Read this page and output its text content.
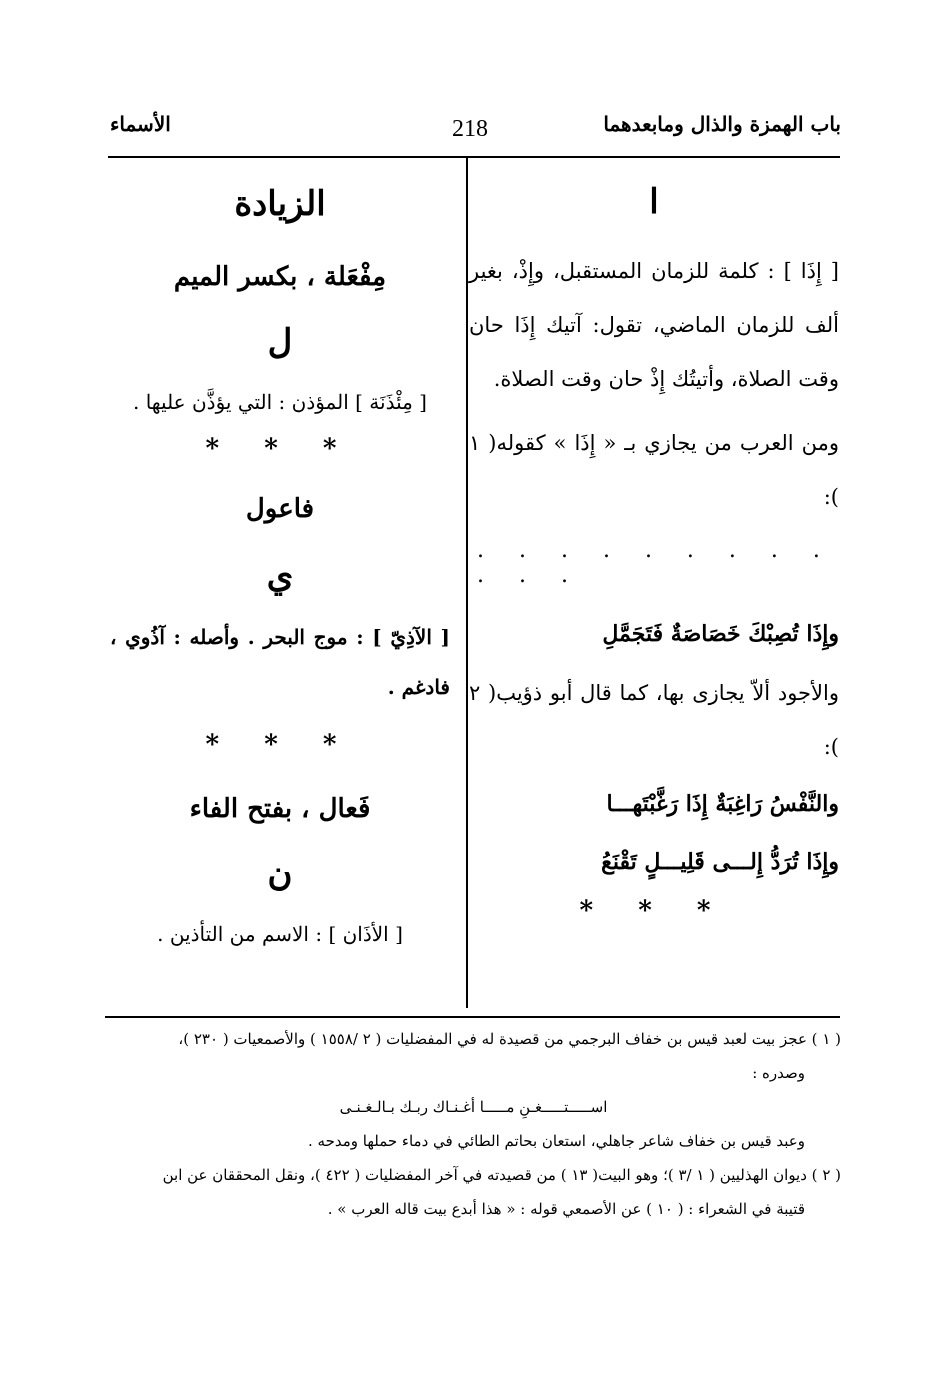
باب الهمزة والذال ومابعدهما
218
الأسماء
ا
[ إِذَا ] : كلمة للزمان المستقبل، وإِذْ، بغير ألف للزمان الماضي، تقول: آتيك إِذَا حان وقت الصلاة، وأتيتُك إِذْ حان وقت الصلاة.
ومن العرب من يجازي بـ « إِذَا » كقوله( ١ ):
. . . . . . . . . . . .
وإِذَا تُصِبْكَ خَصَاصَةٌ فَتَجَمَّلِ
والأجود ألاّ يجازى بها، كما قال أبو ذؤيب( ٢ ):
والنَّفْسُ رَاغِبَةٌ إِذَا رَغَّبْتَهـــا
وإِذَا تُرَدُّ إِلـــى قَلِيـــلٍ تَقْنَعُ
* * *
الزيادة
مِفْعَلة ، بكسر الميم
ل
[ مِئْذَنَة ] المؤذن : التي يؤذَّن عليها .
* * *
فاعول
ي
[ الآذِيّ ] : موج البحر . وأصله : آذُوي ، فادغم .
* * *
فَعال ، بفتح الفاء
ن
[ الأذَان ] : الاسم من التأذين .
( ١ ) عجز بيت لعبد قيس بن خفاف البرجمي من قصيدة له في المفضليات ( ٢ /١٥٥٨ ) والأصمعيات ( ٢٣٠ )،
وصدره :
اســـــتـــــغـنِ مـــــا أغـنـاك ربـك بـالـغـنـى
وعبد قيس بن خفاف شاعر جاهلي، استعان بحاتم الطائي في دماء حملها ومدحه .
( ٢ ) ديوان الهذليين ( ١ /٣ )؛ وهو البيت( ١٣ ) من قصيدته في آخر المفضليات ( ٤٢٢ )، ونقل المحققان عن ابن
قتيبة في الشعراء : ( ١٠ ) عن الأصمعي قوله : « هذا أبدع بيت قاله العرب » .
